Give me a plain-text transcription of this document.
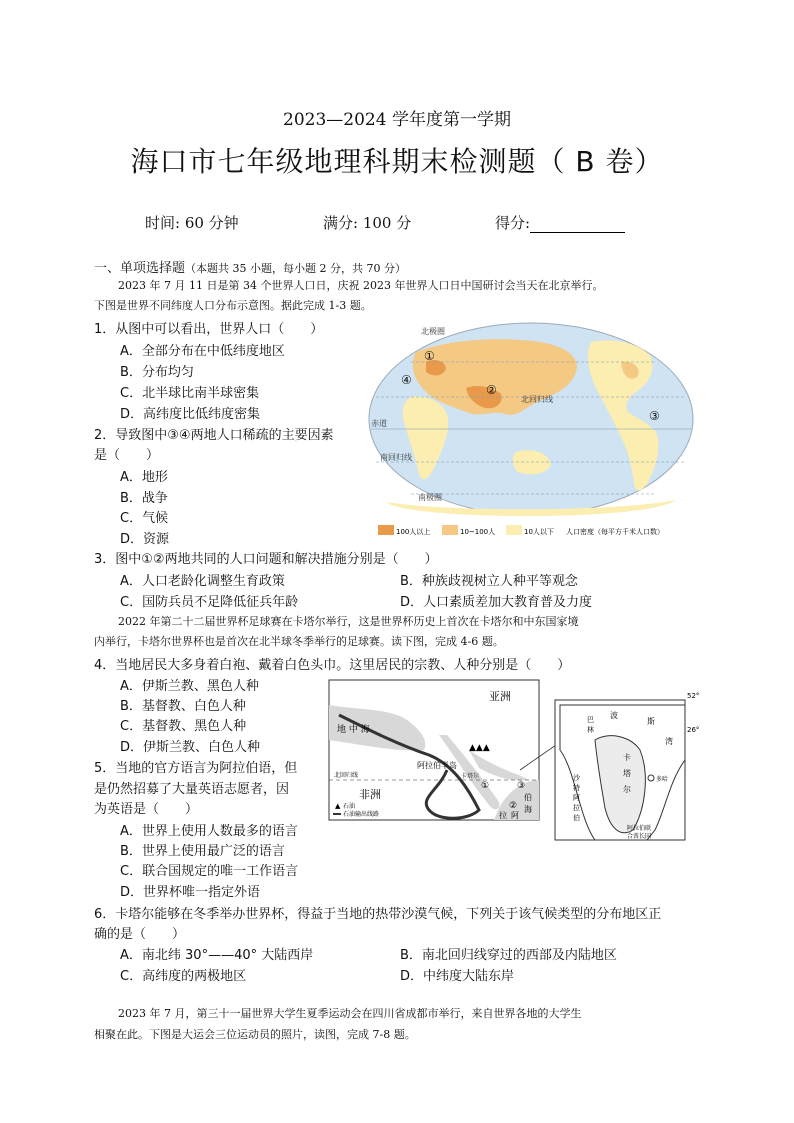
2023—2024 学年度第一学期
海口市七年级地理科期末检测题（ B 卷）
时间: 60 分钟	满分: 100 分	得分:
一、单项选择题（本题共 35 小题，每小题 2 分，共 70 分）
2023 年 7 月 11 日是第 34 个世界人口日，庆祝 2023 年世界人口日中国研讨会当天在北京举行。
下图是世界不同纬度人口分布示意图。据此完成 1-3 题。
1．从图中可以看出，世界人口（　　）
A．全部分布在中低纬度地区
B．分布均匀
C．北半球比南半球密集
D．高纬度比低纬度密集
2．导致图中③④两地人口稀疏的主要因素
是（　　）
A．地形
B．战争
C．气候
D．资源
北极圈
赤道
北回归线
南回归线
南极圈
①
②
③
④
100人以上	10~100人	10人以下 人口密度（每平方千米人口数）
3．图中①②两地共同的人口问题和解决措施分别是（　　）
A．人口老龄化调整生育政策	B．种族歧视树立人种平等观念
C．国防兵员不足降低征兵年龄	D．人口素质差加大教育普及力度
2022 年第二十二届世界杯足球赛在卡塔尔举行，这是世界杯历史上首次在卡塔尔和中东国家境
内举行，卡塔尔世界杯也是首次在北半球冬季举行的足球赛。读下图，完成 4-6 题。
4．当地居民大多身着白袍、戴着白色头巾。这里居民的宗教、人种分别是（　　）
A．伊斯兰教、黑色人种
B．基督教、白色人种
C．基督教、黑色人种
D．伊斯兰教、白色人种
5．当地的官方语言为阿拉伯语，但
是仍然招募了大量英语志愿者，因
为英语是（　　）
A．世界上使用人数最多的语言
B．世界上使用最广泛的语言
C．联合国规定的唯一工作语言
D．世界杯唯一指定外语
亚洲
非洲
地 中 海
阿拉伯半岛
卡塔尔
北回归线
▲▲▲
①
②
③
阿
拉
伯
海
▲ 石油
石油输出线路
52°
26°
波
斯
湾
卡
塔
尔
沙
特
阿
拉
伯
巴
林
多哈
阿拉伯联
合酋长国
6．卡塔尔能够在冬季举办世界杯，得益于当地的热带沙漠气候，下列关于该气候类型的分布地区正
确的是（　　）
A．南北纬 30°——40° 大陆西岸	B．南北回归线穿过的西部及内陆地区
C．高纬度的两极地区	D．中纬度大陆东岸
2023 年 7 月，第三十一届世界大学生夏季运动会在四川省成都市举行，来自世界各地的大学生
相聚在此。下图是大运会三位运动员的照片，读图，完成 7-8 题。
